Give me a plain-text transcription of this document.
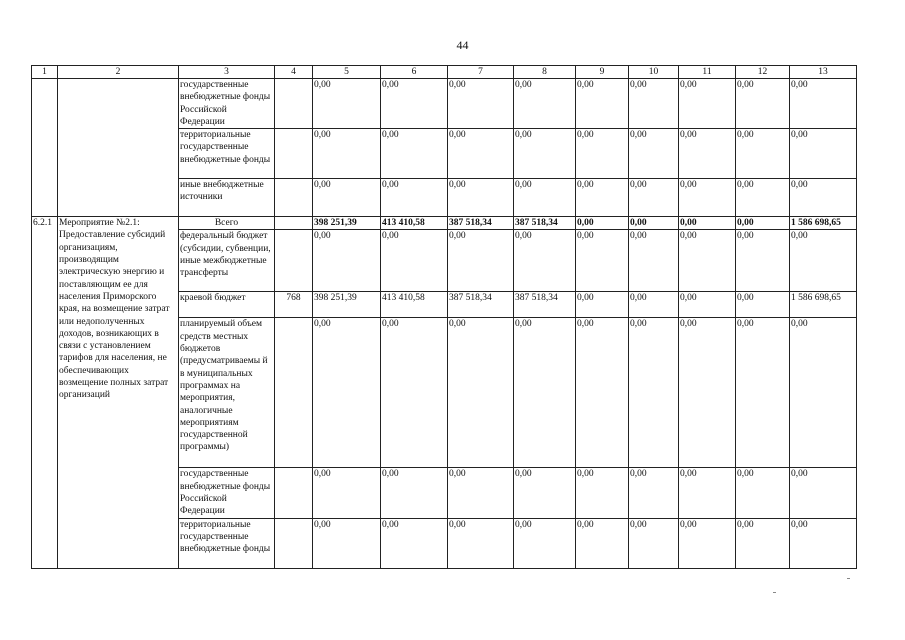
44
1	2	3	4	5	6	7	8	9	10	11	12	13
		государственные внебюджетные фонды Российской Федерации		0,00	0,00	0,00	0,00	0,00	0,00	0,00	0,00	0,00
		территориальные государственные внебюджетные фонды		0,00	0,00	0,00	0,00	0,00	0,00	0,00	0,00	0,00
		иные внебюджетные источники		0,00	0,00	0,00	0,00	0,00	0,00	0,00	0,00	0,00
6.2.1	Мероприятие №2.1: Предоставление субсидий организациям, производящим электрическую энергию и поставляющим ее для населения Приморского края, на возмещение затрат или недополученных доходов, возникающих в связи с установлением тарифов для населения, не обеспечивающих возмещение полных затрат организаций	Всего		398 251,39	413 410,58	387 518,34	387 518,34	0,00	0,00	0,00	0,00	1 586 698,65
		федеральный бюджет (субсидии, субвенции, иные межбюджетные трансферты		0,00	0,00	0,00	0,00	0,00	0,00	0,00	0,00	0,00
		краевой бюджет	768	398 251,39	413 410,58	387 518,34	387 518,34	0,00	0,00	0,00	0,00	1 586 698,65
		планируемый объем средств местных бюджетов (предусматриваемы й в муниципальных программах на мероприятия, аналогичные мероприятиям государственной программы)		0,00	0,00	0,00	0,00	0,00	0,00	0,00	0,00	0,00
		государственные внебюджетные фонды Российской Федерации		0,00	0,00	0,00	0,00	0,00	0,00	0,00	0,00	0,00
		территориальные государственные внебюджетные фонды		0,00	0,00	0,00	0,00	0,00	0,00	0,00	0,00	0,00
